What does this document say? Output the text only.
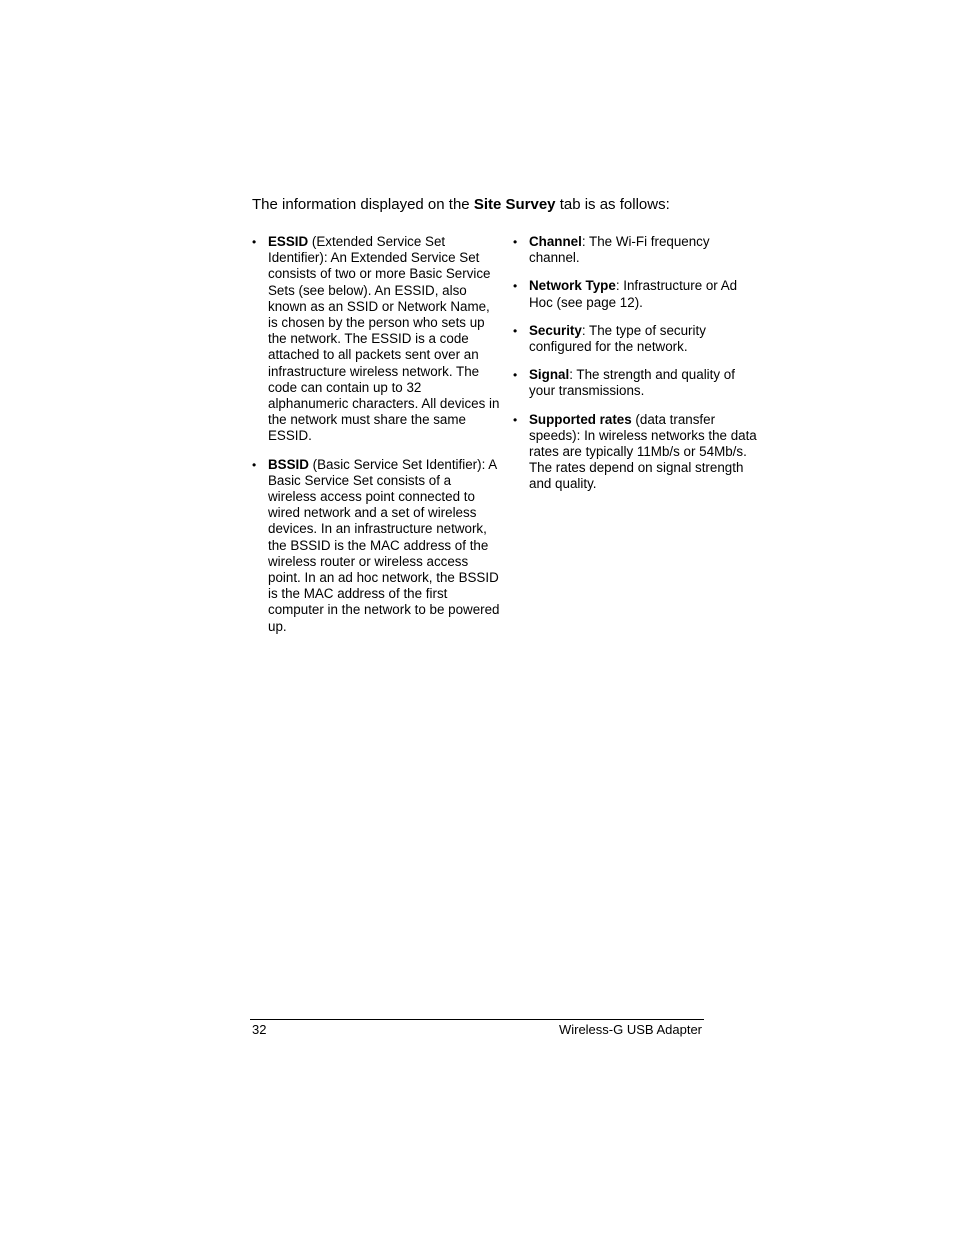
The information displayed on the Site Survey tab is as follows:

• ESSID (Extended Service Set Identifier): An Extended Service Set consists of two or more Basic Service Sets (see below). An ESSID, also known as an SSID or Network Name, is chosen by the person who sets up the network. The ESSID is a code attached to all packets sent over an infrastructure wireless network. The code can contain up to 32 alphanumeric characters. All devices in the network must share the same ESSID.
• BSSID (Basic Service Set Identifier): A Basic Service Set consists of a wireless access point connected to wired network and a set of wireless devices. In an infrastructure network, the BSSID is the MAC address of the wireless router or wireless access point. In an ad hoc network, the BSSID is the MAC address of the first computer in the network to be powered up.
• Channel: The Wi-Fi frequency channel.
• Network Type: Infrastructure or Ad Hoc (see page 12).
• Security: The type of security configured for the network.
• Signal: The strength and quality of your transmissions.
• Supported rates (data transfer speeds): In wireless networks the data rates are typically 11Mb/s or 54Mb/s. The rates depend on signal strength and quality.
32	Wireless-G USB Adapter
